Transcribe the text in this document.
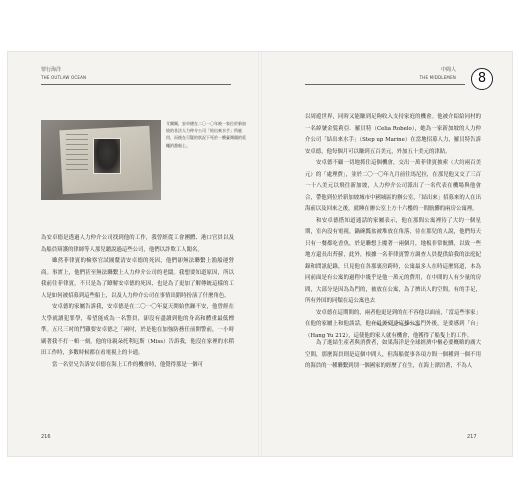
罪行海洋
THE OUTLAW OCEAN
艾爾爾，安卓德在二〇一〇年被一家位於新加坡的非法人力仲介公司「結出來水手」所雇用，而後在可疑的狀況下死於一艘臺灣籍的延繩釣漁船上。

為安卓德是透過人力仲介公司找到他的工作，我曾經從工會團體、港口官員以及為船員辯護的律師等人那兒聽說過這些公司，他們以詐欺工人聞名。

雖然菲律賓的檢察官試圖釐清安卓德的死因，他們卻無法聯繫上漁船運營商。事實上，他們甚至無法聯繫上人力仲介公司的老闆。我想要知道原因，所以我前往菲律賓，不只是為了瞭解安卓德的死因，也是為了更加了解傳統這樣的工人是如何被招募到這些船上，以及人力仲介公司在事情出錯時扮演了什麼角色。

安卓德的家屬告訴我，安卓德是在二〇一〇年夏天開始焦躁不安，他曾經在大學就讀犯罪學，希望能成為一名警員，卻沒有盡讀到他的身高和體重最低標準。五尺三吋的鬥雞要安卓德之「兩吋，於是他在加強防務任前開警前，一小時刷著我不打一頓一刻，他的母親朵托利厄斯（Miss）告訴我，他沒在家裡的水稻田工作時，多數時候都在看電視上的卡通。

當一名堂兄告訴安卓德在海上工作的機會時，他覺得那是一個可

216
中間人
THE MIDDLEMEN	8

以周遊世界，同時又能賺到足夠收入支持家庭的機會。他被介紹給同村的一名綽號金髮莉亞．羅貝特（Celia Robelo），她為一家新加坡的人力仲介公司「結出來水手」（Step up Marine）在當地招募人力，羅貝特告訴安卓德，他每個月可以賺到五百美元，外加五十美元的津貼。

安卓德不顧一切地抓住這個機會，交出一萬菲律賓披索（大約兩百美元）的「處理費」，並於二〇一〇年九月前往馬尼拉，在那兒他又交了三百一十八美元以飛往新加坡，人力仲介公司派出了一名代表在機場與他會合，帶他到位於新加坡城市中國城區的辦公室，「結出來」招募來的人在出海前以及回來之後，就睡在辦公室上方十六樓的一間骯髒的兩房公寓裡。

和安卓德搭知道通話的家屬表示，他在那間公寓裡待了大約一個星期，室內沒有電視，鍋碗瓢盆被堆放在角落，待在那兒的人說，他們每天只有一餐都吃香魚，於是聯想上魔著一兩個月，地板非常骯髒，以致一些地方還長出苔蘚，此外，根據一名菲律賓警方調查人員提供給我的法庭紀錄和問訊紀錄，只見他在各那裏房跨時，公寓最多人在時這麼寫道，本為同前面是有公寓的過程中幾乎是他一萬元的費用，在中間的人有少量的房間，大部分是因為為門的，被放在公寓，為了擠出人的空間，有的手足，所有外国的同類在這公寓也去

安卓德在這期間的，兩者他更是到的在不容他以面前，「當這些事家」在他的家屬上和他談話，他在最後到達這棟公寓門外後，是要感到「台」（Hang Yu 212），這使他的家人就有機會，他獲得了船隻上的工作。

為了進結生產者與消費者，如果海洋是全球經濟中樞必要概略的廣大空間，那麼海員則是這個中間人，但海船從事各項方間一個種到一個不用的海員的一種聯繫到別一個國家的經歷了在生，在海上漂泊著，不為人

217
